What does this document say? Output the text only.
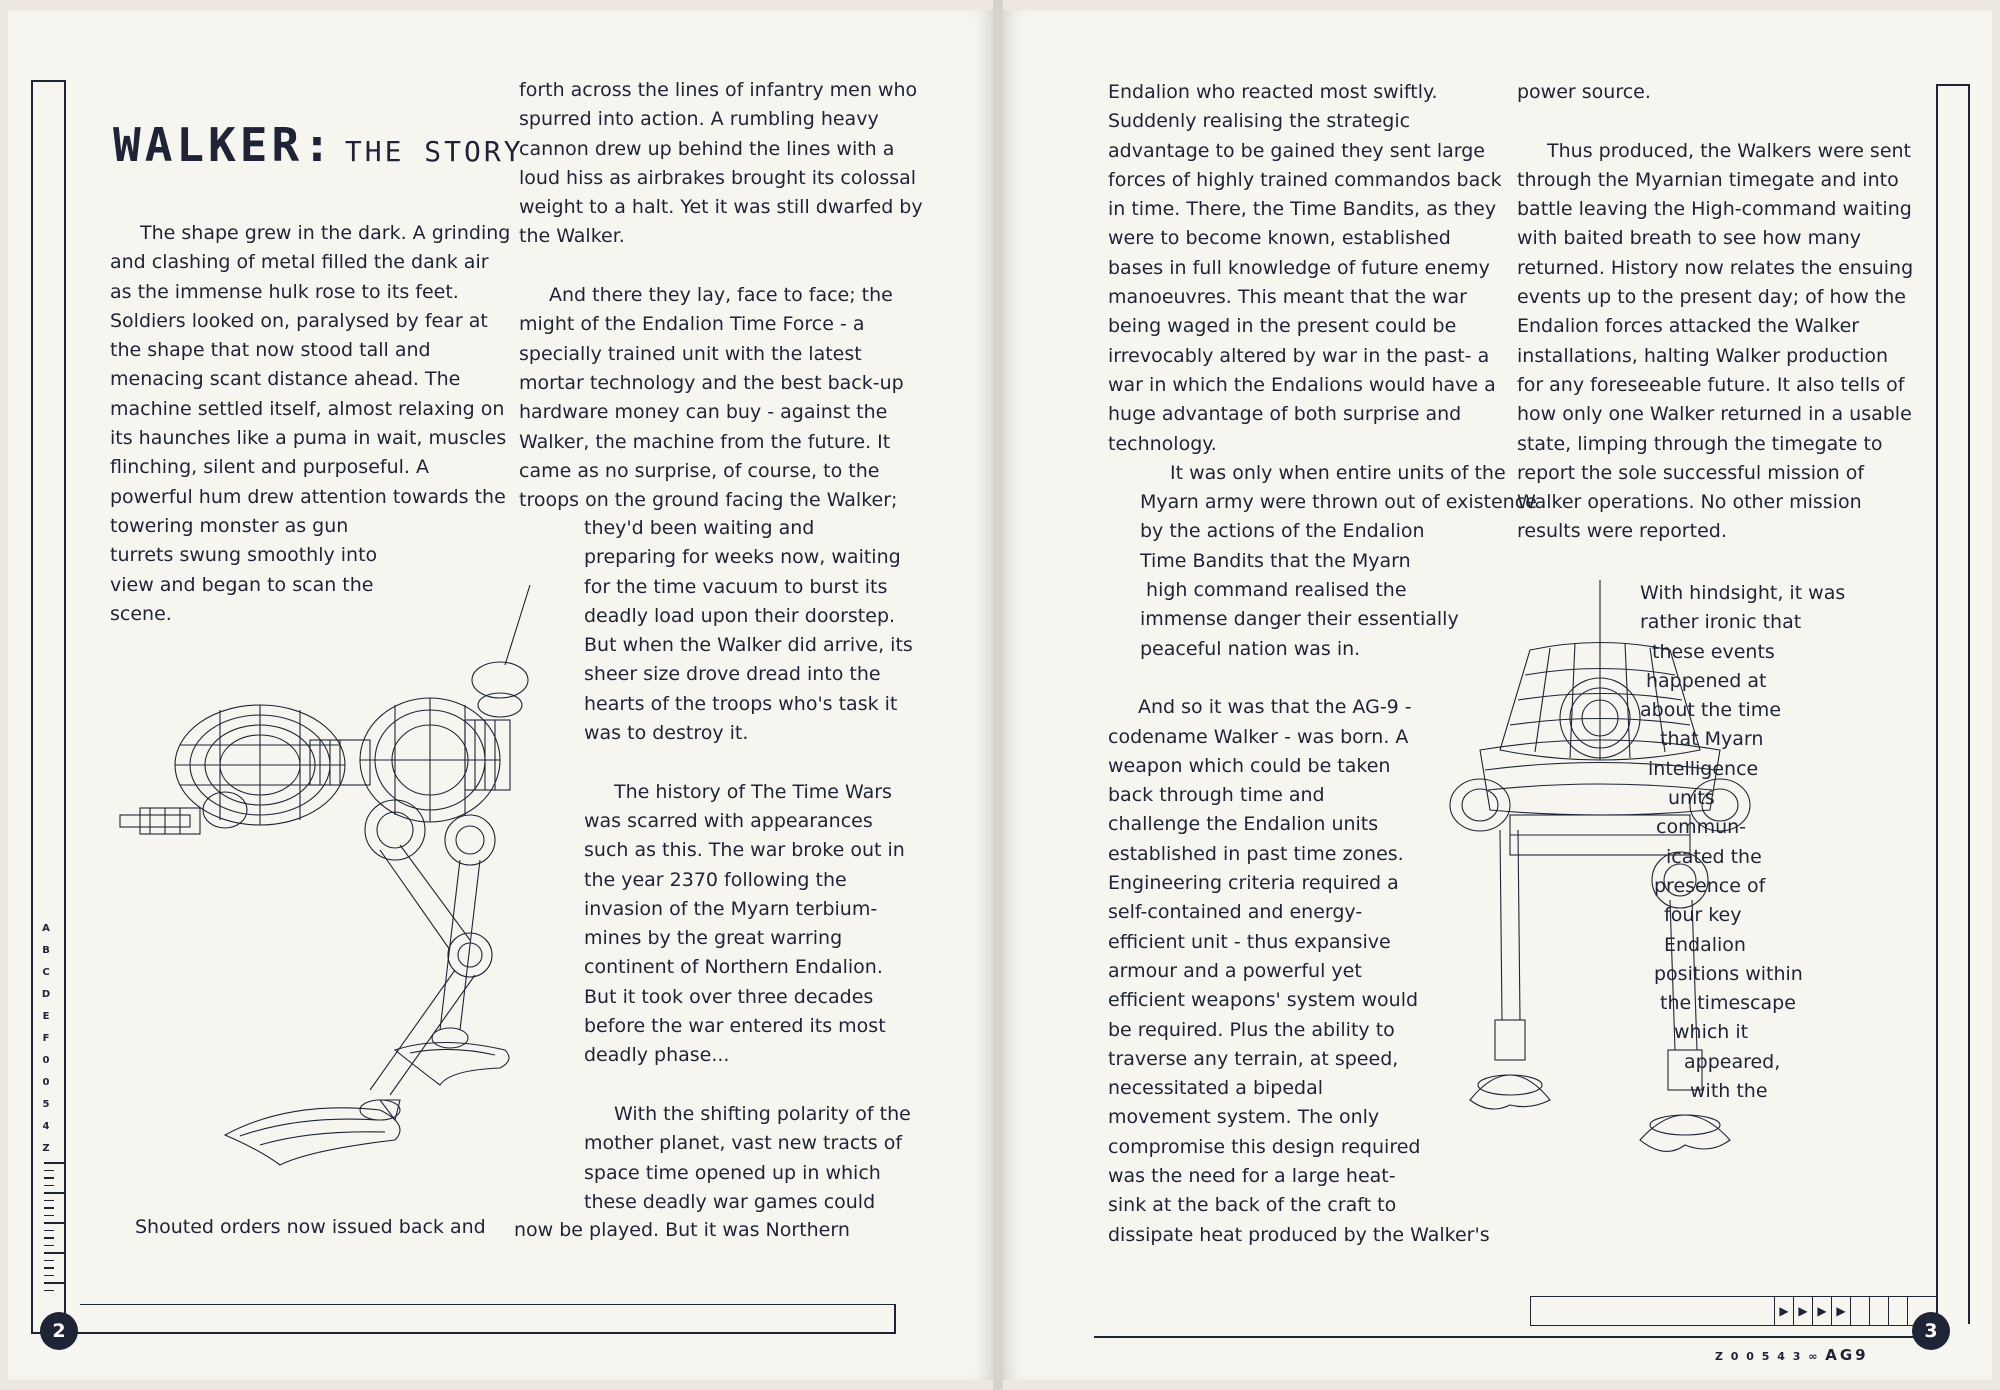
A
B
C
D
E
F
0
0
5
4
Z
2
WALKER: THE STORY
The shape grew in the dark. A grinding
and clashing of metal filled the dank air
as the immense hulk rose to its feet.
Soldiers looked on, paralysed by fear at
the shape that now stood tall and
menacing scant distance ahead. The
machine settled itself, almost relaxing on
its haunches like a puma in wait, muscles
flinching, silent and purposeful. A
powerful hum drew attention towards the
towering monster as gun
turrets swung smoothly into
view and began to scan the
scene.
Shouted orders now issued back and
forth across the lines of infantry men who
spurred into action. A rumbling heavy
cannon drew up behind the lines with a
loud hiss as airbrakes brought its colossal
weight to a halt. Yet it was still dwarfed by
the Walker.
And there they lay, face to face; the
might of the Endalion Time Force - a
specially trained unit with the latest
mortar technology and the best back-up
hardware money can buy - against the
Walker, the machine from the future. It
came as no surprise, of course, to the
troops on the ground facing the Walker;
they'd been waiting and
preparing for weeks now, waiting
for the time vacuum to burst its
deadly load upon their doorstep.
But when the Walker did arrive, its
sheer size drove dread into the
hearts of the troops who's task it
was to destroy it.
The history of The Time Wars
was scarred with appearances
such as this. The war broke out in
the year 2370 following the
invasion of the Myarn terbium-
mines by the great warring
continent of Northern Endalion.
But it took over three decades
before the war entered its most
deadly phase...
With the shifting polarity of the
mother planet, vast new tracts of
space time opened up in which
these deadly war games could
now be played. But it was Northern
▶ ▶ ▶ ▶
Z 0 0 5 4 3 ∞ AG9
3
Endalion who reacted most swiftly.
Suddenly realising the strategic
advantage to be gained they sent large
forces of highly trained commandos back
in time. There, the Time Bandits, as they
were to become known, established
bases in full knowledge of future enemy
manoeuvres. This meant that the war
being waged in the present could be
irrevocably altered by war in the past- a
war in which the Endalions would have a
huge advantage of both surprise and
technology.
It was only when entire units of the
Myarn army were thrown out of existence
by the actions of the Endalion
Time Bandits that the Myarn
high command realised the
immense danger their essentially
peaceful nation was in.
And so it was that the AG-9 -
codename Walker - was born. A
weapon which could be taken
back through time and
challenge the Endalion units
established in past time zones.
Engineering criteria required a
self-contained and energy-
efficient unit - thus expansive
armour and a powerful yet
efficient weapons' system would
be required. Plus the ability to
traverse any terrain, at speed,
necessitated a bipedal
movement system. The only
compromise this design required
was the need for a large heat-
sink at the back of the craft to
dissipate heat produced by the Walker's
power source.
Thus produced, the Walkers were sent
through the Myarnian timegate and into
battle leaving the High-command waiting
with baited breath to see how many
returned. History now relates the ensuing
events up to the present day; of how the
Endalion forces attacked the Walker
installations, halting Walker production
for any foreseeable future. It also tells of
how only one Walker returned in a usable
state, limping through the timegate to
report the sole successful mission of
Walker operations. No other mission
results were reported.
With hindsight, it was
rather ironic that
these events
happened at
about the time
that Myarn
intelligence
units
commun-
icated the
presence of
four key
Endalion
positions within
the timescape
which it
appeared,
with the
